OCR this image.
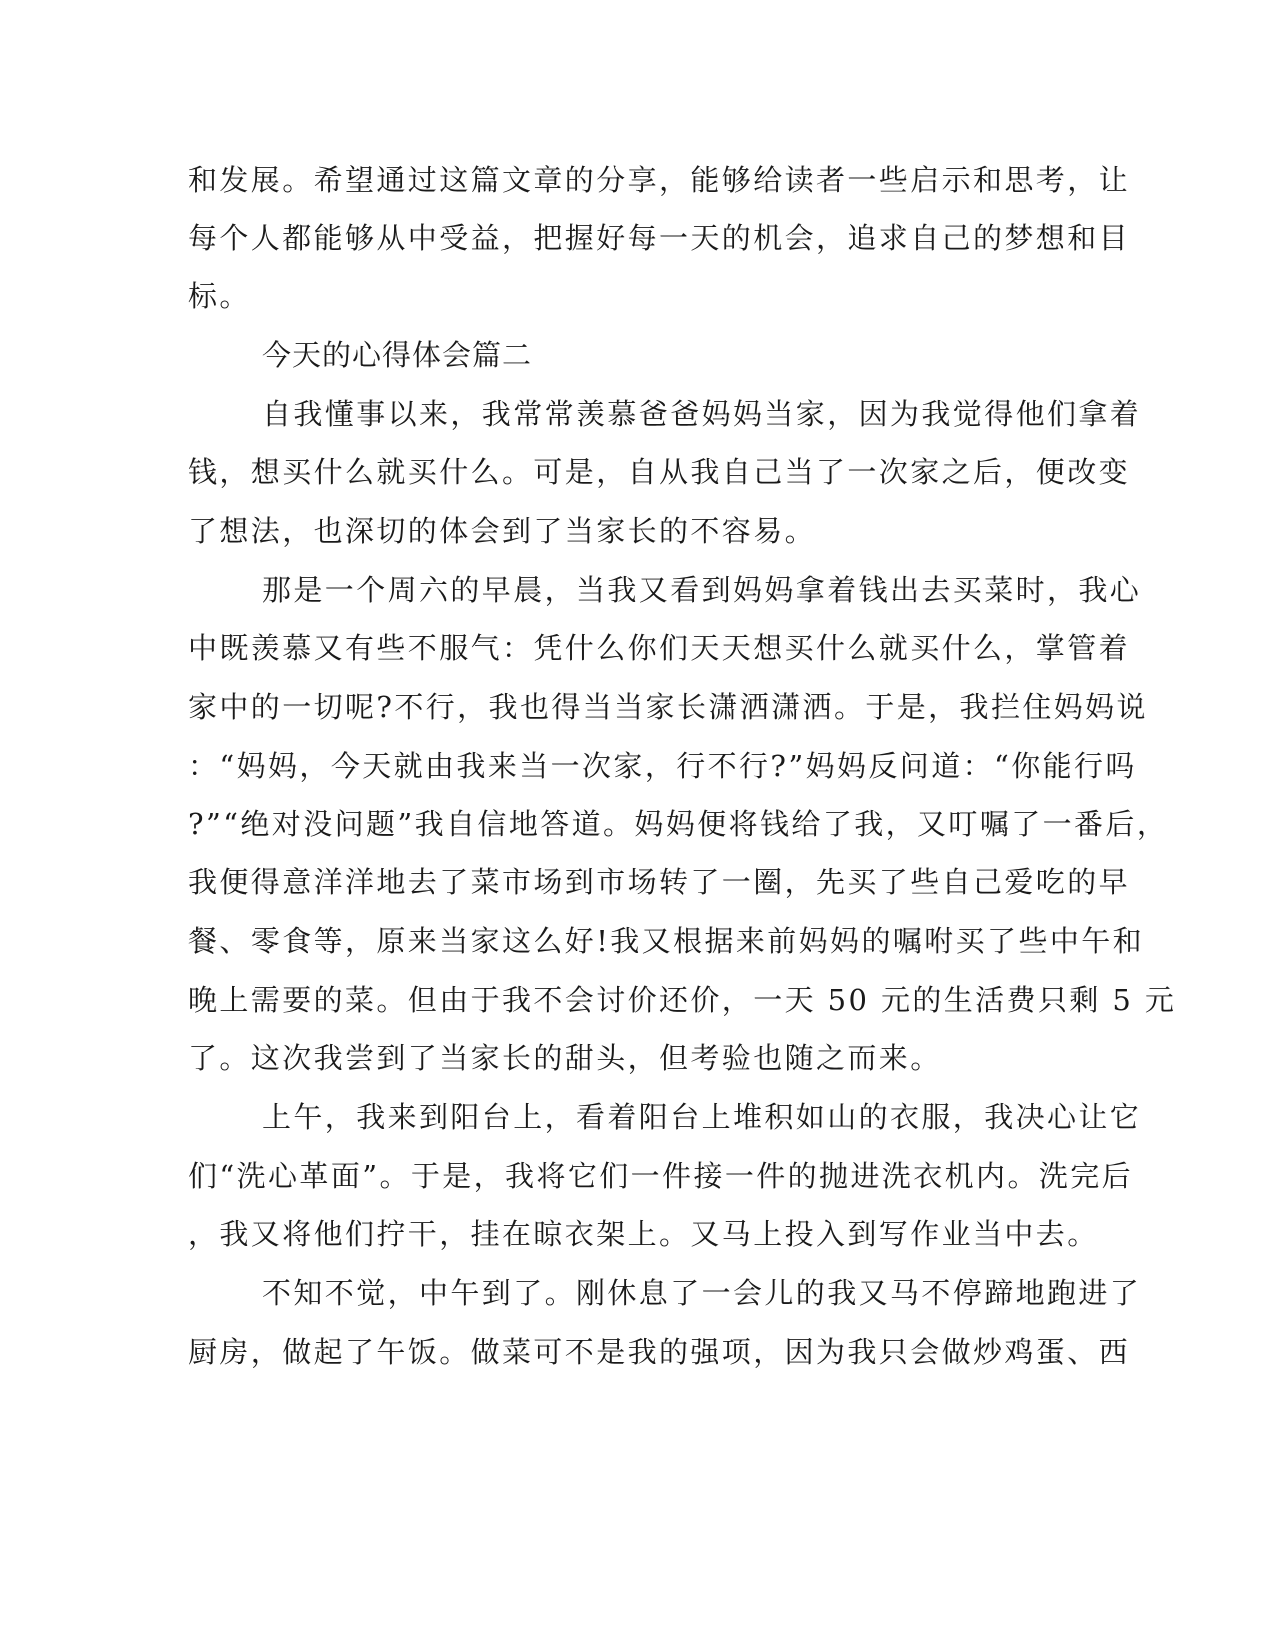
和发展。希望通过这篇文章的分享，能够给读者一些启示和思考，让
每个人都能够从中受益，把握好每一天的机会，追求自己的梦想和目
标。
今天的心得体会篇二
自我懂事以来，我常常羡慕爸爸妈妈当家，因为我觉得他们拿着
钱，想买什么就买什么。可是，自从我自己当了一次家之后，便改变
了想法，也深切的体会到了当家长的不容易。
那是一个周六的早晨，当我又看到妈妈拿着钱出去买菜时，我心
中既羡慕又有些不服气：凭什么你们天天想买什么就买什么，掌管着
家中的一切呢?不行，我也得当当家长潇洒潇洒。于是，我拦住妈妈说
：“妈妈，今天就由我来当一次家，行不行?”妈妈反问道：“你能行吗
?”“绝对没问题”我自信地答道。妈妈便将钱给了我，又叮嘱了一番后，
我便得意洋洋地去了菜市场到市场转了一圈，先买了些自己爱吃的早
餐、零食等，原来当家这么好!我又根据来前妈妈的嘱咐买了些中午和
晚上需要的菜。但由于我不会讨价还价，一天 50 元的生活费只剩 5 元
了。这次我尝到了当家长的甜头，但考验也随之而来。
上午，我来到阳台上，看着阳台上堆积如山的衣服，我决心让它
们“洗心革面”。于是，我将它们一件接一件的抛进洗衣机内。洗完后
，我又将他们拧干，挂在晾衣架上。又马上投入到写作业当中去。
不知不觉，中午到了。刚休息了一会儿的我又马不停蹄地跑进了
厨房，做起了午饭。做菜可不是我的强项，因为我只会做炒鸡蛋、西
